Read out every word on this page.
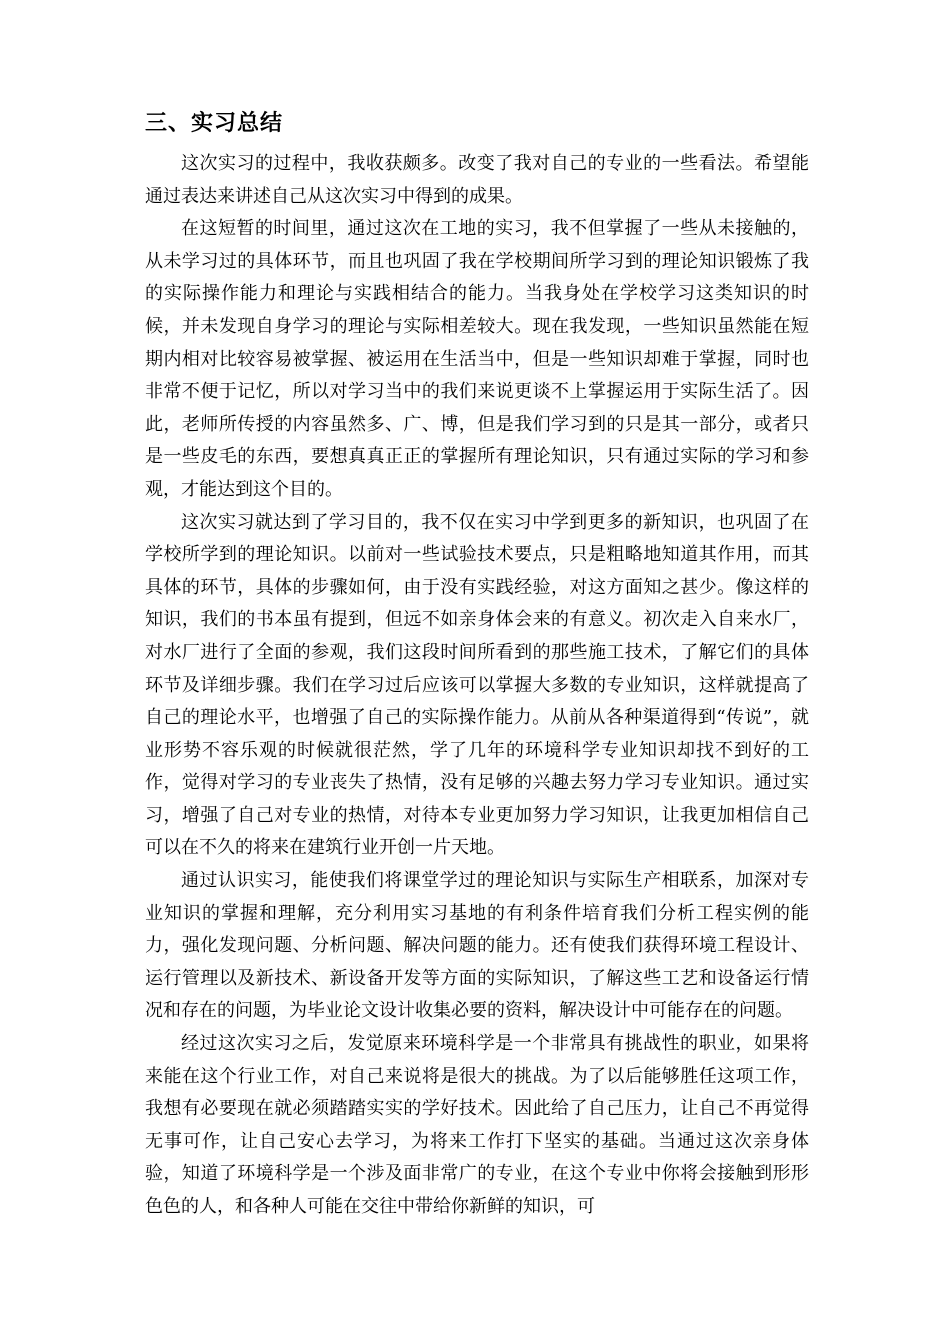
三、实习总结

这次实习的过程中，我收获颇多。改变了我对自己的专业的一些看法。希望能通过表达来讲述自己从这次实习中得到的成果。

在这短暂的时间里，通过这次在工地的实习，我不但掌握了一些从未接触的，从未学习过的具体环节，而且也巩固了我在学校期间所学习到的理论知识锻炼了我的实际操作能力和理论与实践相结合的能力。当我身处在学校学习这类知识的时候，并未发现自身学习的理论与实际相差较大。现在我发现，一些知识虽然能在短期内相对比较容易被掌握、被运用在生活当中，但是一些知识却难于掌握，同时也非常不便于记忆，所以对学习当中的我们来说更谈不上掌握运用于实际生活了。因此，老师所传授的内容虽然多、广、博，但是我们学习到的只是其一部分，或者只是一些皮毛的东西，要想真真正正的掌握所有理论知识，只有通过实际的学习和参观，才能达到这个目的。

这次实习就达到了学习目的，我不仅在实习中学到更多的新知识，也巩固了在学校所学到的理论知识。以前对一些试验技术要点，只是粗略地知道其作用，而其具体的环节，具体的步骤如何，由于没有实践经验，对这方面知之甚少。像这样的知识，我们的书本虽有提到，但远不如亲身体会来的有意义。初次走入自来水厂，对水厂进行了全面的参观，我们这段时间所看到的那些施工技术，了解它们的具体环节及详细步骤。我们在学习过后应该可以掌握大多数的专业知识，这样就提高了自己的理论水平，也增强了自己的实际操作能力。从前从各种渠道得到“传说”，就业形势不容乐观的时候就很茫然，学了几年的环境科学专业知识却找不到好的工作，觉得对学习的专业丧失了热情，没有足够的兴趣去努力学习专业知识。通过实习，增强了自己对专业的热情，对待本专业更加努力学习知识，让我更加相信自己可以在不久的将来在建筑行业开创一片天地。

通过认识实习，能使我们将课堂学过的理论知识与实际生产相联系，加深对专业知识的掌握和理解，充分利用实习基地的有利条件培育我们分析工程实例的能力，强化发现问题、分析问题、解决问题的能力。还有使我们获得环境工程设计、运行管理以及新技术、新设备开发等方面的实际知识，了解这些工艺和设备运行情况和存在的问题，为毕业论文设计收集必要的资料，解决设计中可能存在的问题。

经过这次实习之后，发觉原来环境科学是一个非常具有挑战性的职业，如果将来能在这个行业工作，对自己来说将是很大的挑战。为了以后能够胜任这项工作，我想有必要现在就必须踏踏实实的学好技术。因此给了自己压力，让自己不再觉得无事可作，让自己安心去学习，为将来工作打下坚实的基础。当通过这次亲身体验，知道了环境科学是一个涉及面非常广的专业，在这个专业中你将会接触到形形色色的人，和各种人可能在交往中带给你新鲜的知识，可
